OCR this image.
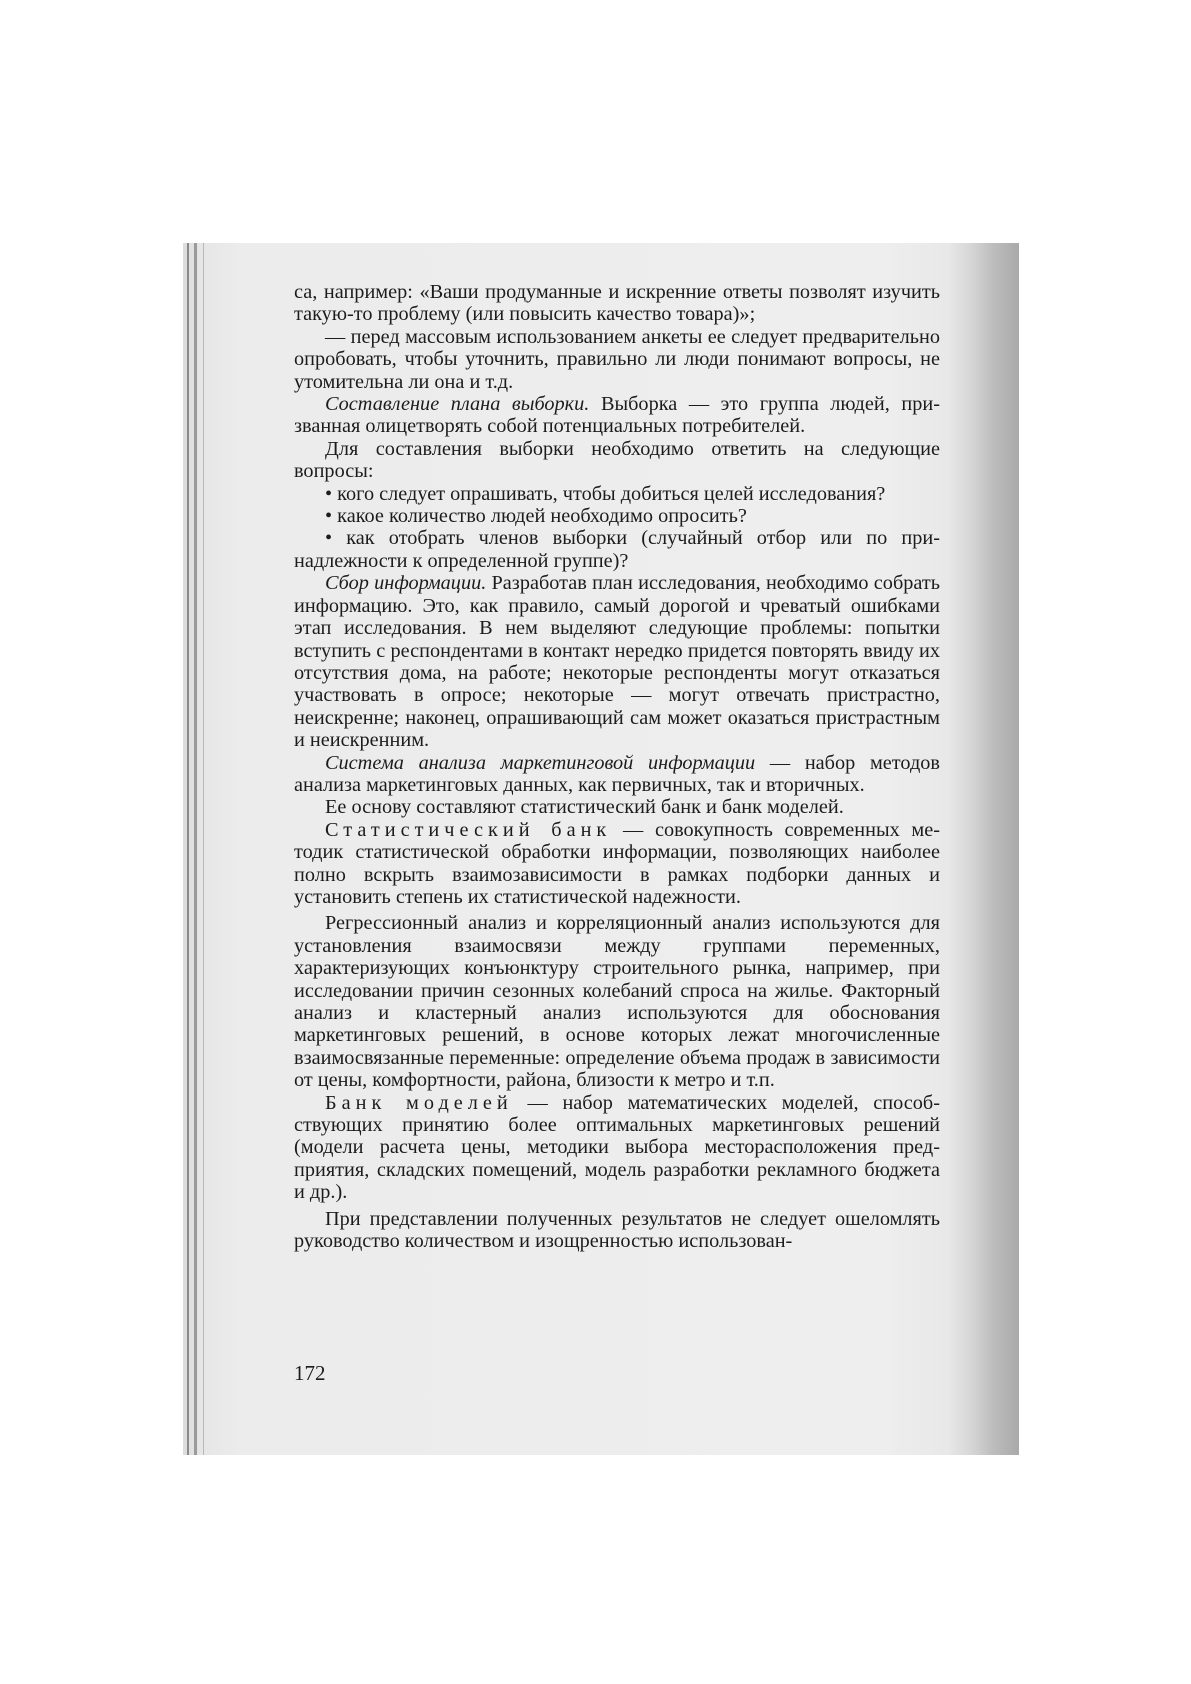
са, например: «Ваши продуманные и искренние ответы позволят изучить такую-то проблему (или повысить качество товара)»;

— перед массовым использованием анкеты ее следует предварительно опробовать, чтобы уточнить, правильно ли люди понимают вопросы, не утомительна ли она и т.д.

Составление плана выборки. Выборка — это группа людей, призванная олицетворять собой потенциальных потребителей.

Для составления выборки необходимо ответить на следующие вопросы:

• кого следует опрашивать, чтобы добиться целей исследования?

• какое количество людей необходимо опросить?

• как отобрать членов выборки (случайный отбор или по принадлежности к определенной группе)?

Сбор информации. Разработав план исследования, необходимо собрать информацию. Это, как правило, самый дорогой и чреватый ошибками этап исследования. В нем выделяют следующие проблемы: попытки вступить с респондентами в контакт нередко придется повторять ввиду их отсутствия дома, на работе; некоторые респонденты могут отказаться участвовать в опросе; некоторые — могут отвечать пристрастно, неискренне; наконец, опрашивающий сам может оказаться пристрастным и неискренним.

Система анализа маркетинговой информации — набор методов анализа маркетинговых данных, как первичных, так и вторичных.

Ее основу составляют статистический банк и банк моделей.

Статистический банк — совокупность современных методик статистической обработки информации, позволяющих наиболее полно вскрыть взаимозависимости в рамках подборки данных и установить степень их статистической надежности.

Регрессионный анализ и корреляционный анализ используются для установления взаимосвязи между группами переменных, характеризующих конъюнктуру строительного рынка, например, при исследовании причин сезонных колебаний спроса на жилье. Факторный анализ и кластерный анализ используются для обоснования маркетинговых решений, в основе которых лежат многочисленные взаимосвязанные переменные: определение объема продаж в зависимости от цены, комфортности, района, близости к метро и т.п.

Банк моделей — набор математических моделей, способствующих принятию более оптимальных маркетинговых решений (модели расчета цены, методики выбора месторасположения предприятия, складских помещений, модель разработки рекламного бюджета и др.).

При представлении полученных результатов не следует ошеломлять руководство количеством и изощренностью использован-

172
